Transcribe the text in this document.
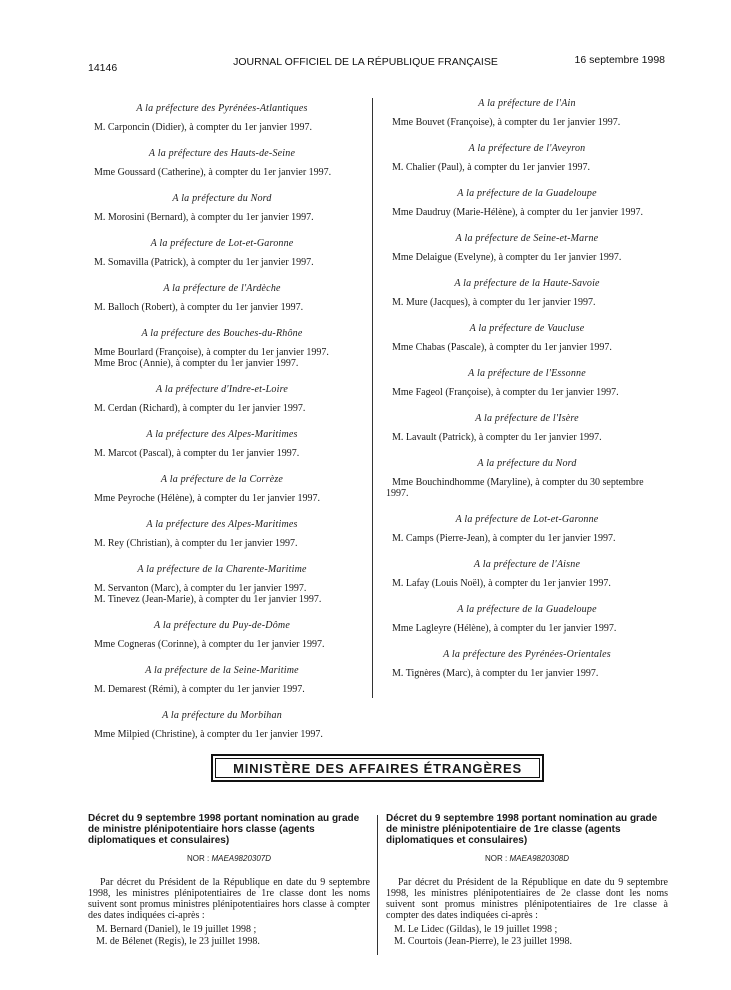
14146	JOURNAL OFFICIEL DE LA RÉPUBLIQUE FRANÇAISE	16 septembre 1998
A la préfecture des Pyrénées-Atlantiques
M. Carponcin (Didier), à compter du 1er janvier 1997.
A la préfecture des Hauts-de-Seine
Mme Goussard (Catherine), à compter du 1er janvier 1997.
A la préfecture du Nord
M. Morosini (Bernard), à compter du 1er janvier 1997.
A la préfecture de Lot-et-Garonne
M. Somavilla (Patrick), à compter du 1er janvier 1997.
A la préfecture de l'Ardèche
M. Balloch (Robert), à compter du 1er janvier 1997.
A la préfecture des Bouches-du-Rhône
Mme Bourlard (Françoise), à compter du 1er janvier 1997.
Mme Broc (Annie), à compter du 1er janvier 1997.
A la préfecture d'Indre-et-Loire
M. Cerdan (Richard), à compter du 1er janvier 1997.
A la préfecture des Alpes-Maritimes
M. Marcot (Pascal), à compter du 1er janvier 1997.
A la préfecture de la Corrèze
Mme Peyroche (Hélène), à compter du 1er janvier 1997.
A la préfecture des Alpes-Maritimes
M. Rey (Christian), à compter du 1er janvier 1997.
A la préfecture de la Charente-Maritime
M. Servanton (Marc), à compter du 1er janvier 1997.
M. Tinevez (Jean-Marie), à compter du 1er janvier 1997.
A la préfecture du Puy-de-Dôme
Mme Cogneras (Corinne), à compter du 1er janvier 1997.
A la préfecture de la Seine-Maritime
M. Demarest (Rémi), à compter du 1er janvier 1997.
A la préfecture du Morbihan
Mme Milpied (Christine), à compter du 1er janvier 1997.
A la préfecture de l'Ain
Mme Bouvet (Françoise), à compter du 1er janvier 1997.
A la préfecture de l'Aveyron
M. Chalier (Paul), à compter du 1er janvier 1997.
A la préfecture de la Guadeloupe
Mme Daudruy (Marie-Hélène), à compter du 1er janvier 1997.
A la préfecture de Seine-et-Marne
Mme Delaigue (Evelyne), à compter du 1er janvier 1997.
A la préfecture de la Haute-Savoie
M. Mure (Jacques), à compter du 1er janvier 1997.
A la préfecture de Vaucluse
Mme Chabas (Pascale), à compter du 1er janvier 1997.
A la préfecture de l'Essonne
Mme Fageol (Françoise), à compter du 1er janvier 1997.
A la préfecture de l'Isère
M. Lavault (Patrick), à compter du 1er janvier 1997.
A la préfecture du Nord
Mme Bouchindhomme (Maryline), à compter du 30 septembre 1997.
A la préfecture de Lot-et-Garonne
M. Camps (Pierre-Jean), à compter du 1er janvier 1997.
A la préfecture de l'Aisne
M. Lafay (Louis Noël), à compter du 1er janvier 1997.
A la préfecture de la Guadeloupe
Mme Lagleyre (Hélène), à compter du 1er janvier 1997.
A la préfecture des Pyrénées-Orientales
M. Tignères (Marc), à compter du 1er janvier 1997.
MINISTÈRE DES AFFAIRES ÉTRANGÈRES
Décret du 9 septembre 1998 portant nomination au grade de ministre plénipotentiaire hors classe (agents diplomatiques et consulaires)
NOR : MAEA9820307D
Par décret du Président de la République en date du 9 septembre 1998, les ministres plénipotentiaires de 1re classe dont les noms suivent sont promus ministres plénipotentiaires hors classe à compter des dates indiquées ci-après :
M. Bernard (Daniel), le 19 juillet 1998 ;
M. de Bélenet (Regis), le 23 juillet 1998.
Décret du 9 septembre 1998 portant nomination au grade de ministre plénipotentiaire de 1re classe (agents diplomatiques et consulaires)
NOR : MAEA9820308D
Par décret du Président de la République en date du 9 septembre 1998, les ministres plénipotentiaires de 2e classe dont les noms suivent sont promus ministres plénipotentiaires de 1re classe à compter des dates indiquées ci-après :
M. Le Lidec (Gildas), le 19 juillet 1998 ;
M. Courtois (Jean-Pierre), le 23 juillet 1998.
